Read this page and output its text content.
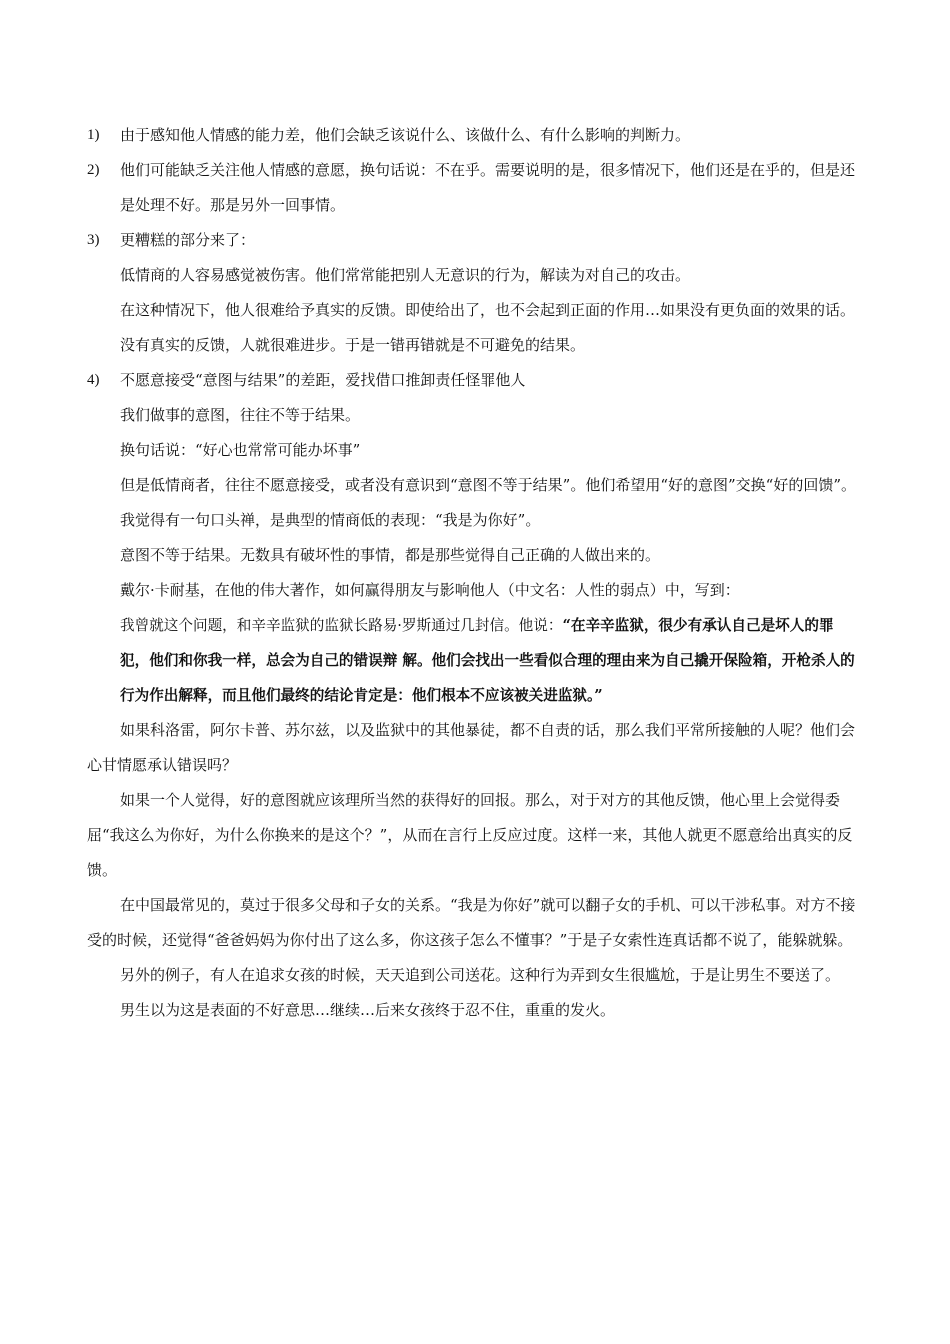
1)	由于感知他人情感的能力差，他们会缺乏该说什么、该做什么、有什么影响的判断力。
2)	他们可能缺乏关注他人情感的意愿，换句话说：不在乎。需要说明的是，很多情况下，他们还是在乎的，但是还是处理不好。那是另外一回事情。
3)	更糟糕的部分来了：
低情商的人容易感觉被伤害。他们常常能把别人无意识的行为，解读为对自己的攻击。
在这种情况下，他人很难给予真实的反馈。即使给出了，也不会起到正面的作用…如果没有更负面的效果的话。
没有真实的反馈，人就很难进步。于是一错再错就是不可避免的结果。
4)	不愿意接受“意图与结果”的差距，爱找借口推卸责任怪罪他人
我们做事的意图，往往不等于结果。
换句话说：“好心也常常可能办坏事”
但是低情商者，往往不愿意接受，或者没有意识到“意图不等于结果”。他们希望用“好的意图”交换“好的回馈”。
我觉得有一句口头禅，是典型的情商低的表现：“我是为你好”。
意图不等于结果。无数具有破坏性的事情，都是那些觉得自己正确的人做出来的。
戴尔·卡耐基，在他的伟大著作，如何赢得朋友与影响他人（中文名：人性的弱点）中，写到：
我曾就这个问题，和辛辛监狱的监狱长路易·罗斯通过几封信。他说：“在辛辛监狱，很少有承认自己是坏人的罪犯，他们和你我一样，总会为自己的错误辩 解。他们会找出一些看似合理的理由来为自己撬开保险箱，开枪杀人的行为作出解释，而且他们最终的结论肯定是：他们根本不应该被关进监狱。”
如果科洛雷，阿尔卡普、苏尔兹，以及监狱中的其他暴徒，都不自责的话，那么我们平常所接触的人呢？他们会心甘情愿承认错误吗？
如果一个人觉得，好的意图就应该理所当然的获得好的回报。那么，对于对方的其他反馈，他心里上会觉得委屈“我这么为你好，为什么你换来的是这个？”，从而在言行上反应过度。这样一来，其他人就更不愿意给出真实的反馈。
在中国最常见的，莫过于很多父母和子女的关系。“我是为你好”就可以翻子女的手机、可以干涉私事。对方不接受的时候，还觉得“爸爸妈妈为你付出了这么多，你这孩子怎么不懂事？”于是子女索性连真话都不说了，能躲就躲。
另外的例子，有人在追求女孩的时候，天天追到公司送花。这种行为弄到女生很尴尬，于是让男生不要送了。
男生以为这是表面的不好意思…继续…后来女孩终于忍不住，重重的发火。
